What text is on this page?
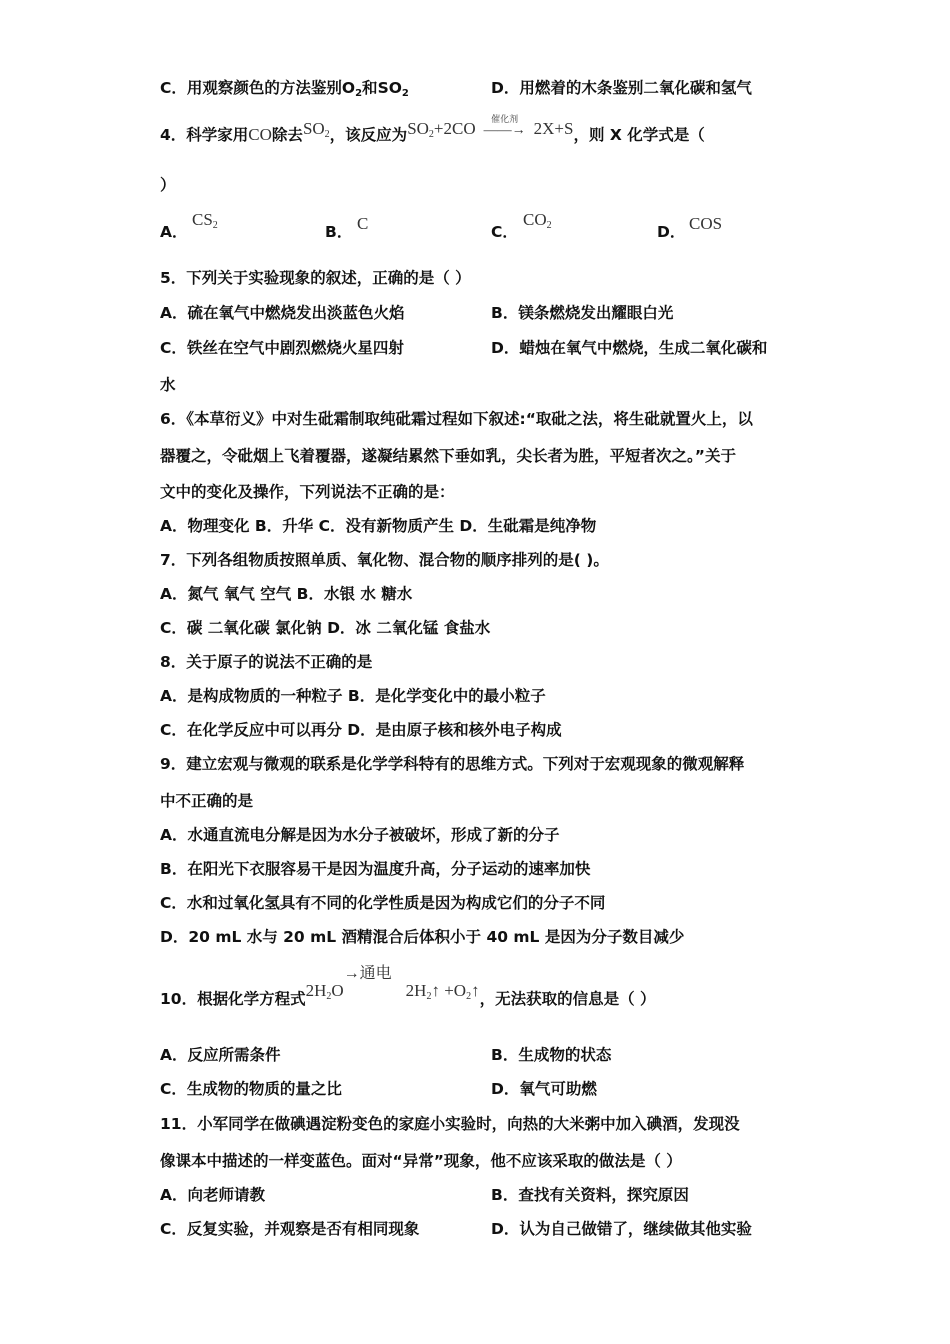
C．用观察颜色的方法鉴别$O_2$和$SO_2$	D．用燃着的木条鉴别二氧化碳和氢气
4．科学家用CO除去$SO_2$，该反应为$SO_2+2CO$	催化剂
——→ 2X+S，则 X 化学式是（
）
A．
$CS_2$	B． C	C．
$CO_2$	D． COS
5．下列关于实验现象的叙述，正确的是（ ）
A．硫在氧气中燃烧发出淡蓝色火焰	B．镁条燃烧发出耀眼白光
C．铁丝在空气中剧烈燃烧火星四射	D．蜡烛在氧气中燃烧，生成二氧化碳和
水
6．《本草衍义》中对生砒霜制取纯砒霜过程如下叙述:“取砒之法，将生砒就置火上，以
器覆之，令砒烟上飞着覆器，遂凝结累然下垂如乳，尖长者为胜，平短者次之。”关于
文中的变化及操作，下列说法不正确的是：
A．物理变化 B．升华 C．没有新物质产生 D．生砒霜是纯净物
7．下列各组物质按照单质、氧化物、混合物的顺序排列的是( )。
A．氮气 氧气 空气 B．水银 水 糖水
C．碳 二氧化碳 氯化钠 D．冰 二氧化锰 食盐水
8．关于原子的说法不正确的是
A．是构成物质的一种粒子 B．是化学变化中的最小粒子
C．在化学反应中可以再分 D．是由原子核和核外电子构成
9．建立宏观与微观的联系是化学学科特有的思维方式。下列对于宏观现象的微观解释
中不正确的是
A．水通直流电分解是因为水分子被破坏，形成了新的分子
B．在阳光下衣服容易干是因为温度升高，分子运动的速率加快
C．水和过氧化氢具有不同的化学性质是因为构成它们的分子不同
D．20 mL 水与 20 mL 酒精混合后体积小于 40 mL 是因为分子数目减少
10．根据化学方程式$2H_2O\to$通电$2H_2↑$ $+O_2↑$，无法获取的信息是（ ）
A．反应所需条件	B．生成物的状态
C．生成物的物质的量之比	D．氧气可助燃
11．小军同学在做碘遇淀粉变色的家庭小实验时，向热的大米粥中加入碘酒，发现没
像课本中描述的一样变蓝色。面对“异常”现象，他不应该采取的做法是（ ）
A．向老师请教	B．查找有关资料，探究原因
C．反复实验，并观察是否有相同现象	D．认为自己做错了，继续做其他实验
